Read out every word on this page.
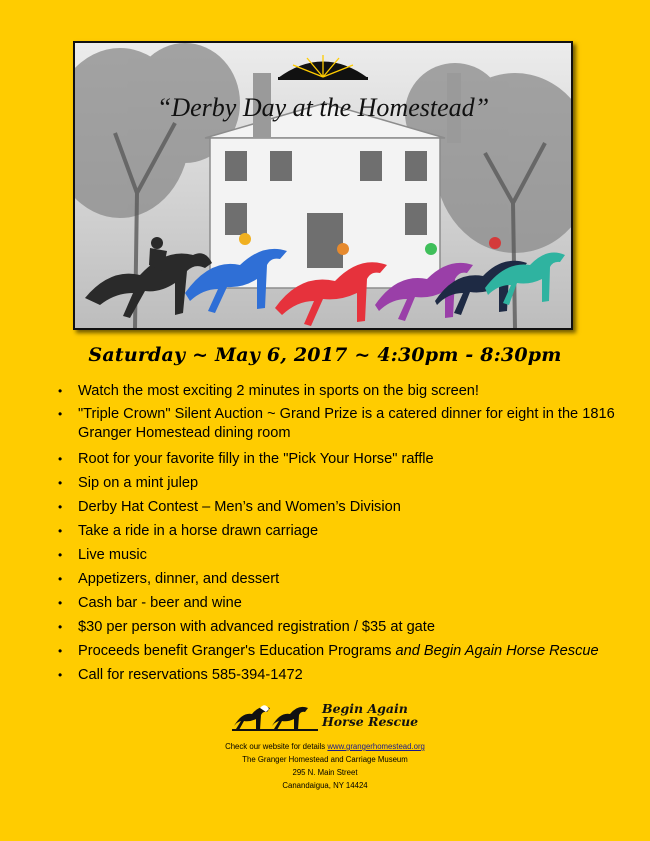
“Derby Day at the Homestead”
Saturday ~ May 6, 2017 ~ 4:30pm - 8:30pm
• Watch the most exciting 2 minutes in sports on the big screen!
• "Triple Crown" Silent Auction ~ Grand Prize is a catered dinner for eight in the 1816 Granger Homestead dining room
• Root for your favorite filly in the "Pick Your Horse" raffle
• Sip on a mint julep
• Derby Hat Contest – Men’s and Women’s Division
• Take a ride in a horse drawn carriage
• Live music
• Appetizers, dinner, and dessert
• Cash bar - beer and wine
• $30 per person with advanced registration / $35 at gate
• Proceeds benefit Granger's Education Programs and Begin Again Horse Rescue
• Call for reservations 585-394-1472
Begin Again
Horse Rescue
Check our website for details www.grangerhomestead.org
The Granger Homestead and Carriage Museum
295 N. Main Street
Canandaigua, NY 14424
